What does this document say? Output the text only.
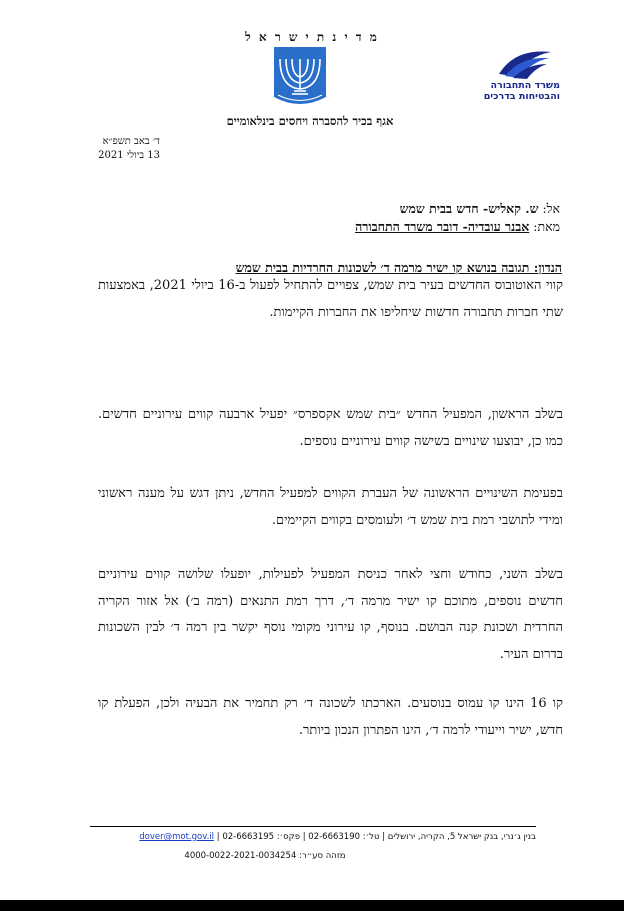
מ ד י נ ת י ש ר א ל
אגף בכיר להסברה ויחסים בינלאומיים
משרד התחבורה
והבטיחות בדרכים
ד׳ באב תשפ״א
13 ביולי 2021
אל: ש. קאליש- חדש בבית שמש
מאת: אבנר עובדיה- דובר משרד התחבורה
הנדון: תגובה בנושא קו ישיר מרמה ד׳ לשכונות החרדיות בבית שמש
קווי האוטובוס החדשים בעיר בית שמש, צפויים להתחיל לפעול ב-16 ביולי 2021, באמצעות שתי חברות תחבורה חדשות שיחליפו את החברות הקיימות.
בשלב הראשון, המפעיל החדש ״בית שמש אקספרס״ יפעיל ארבעה קווים עירוניים חדשים. כמו כן, יבוצעו שינויים בשישה קווים עירוניים נוספים.
בפעימת השינויים הראשונה של העברת הקווים למפעיל החדש, ניתן דגש על מענה ראשוני ומידי לתושבי רמת בית שמש ד׳ ולעומסים בקווים הקיימים.
בשלב השני, כחודש וחצי לאחר כניסת המפעיל לפעילות, יופעלו שלושה קווים עירוניים חדשים נוספים, מתוכם קו ישיר מרמה ד׳, דרך רמת התנאים (רמה ב׳) אל אזור הקריה החרדית ושכונת קנה הבושם. בנוסף, קו עירוני מקומי נוסף יקשר בין רמה ד׳ לבין השכונות בדרום העיר.
קו 16 הינו קו עמוס בנוסעים. הארכתו לשכונה ד׳ רק תחמיר את הבעיה ולכן, הפעלת קו חדש, ישיר וייעודי לרמה ד׳, הינו הפתרון הנכון ביותר.
בנין ג׳נרי, בנק ישראל 5, הקריה, ירושלים | טל׳: 02-6663190 | פקס׳: 02-6663195 | dover@mot.gov.il
מזהה סע״ר: 4000-0022-2021-0034254
